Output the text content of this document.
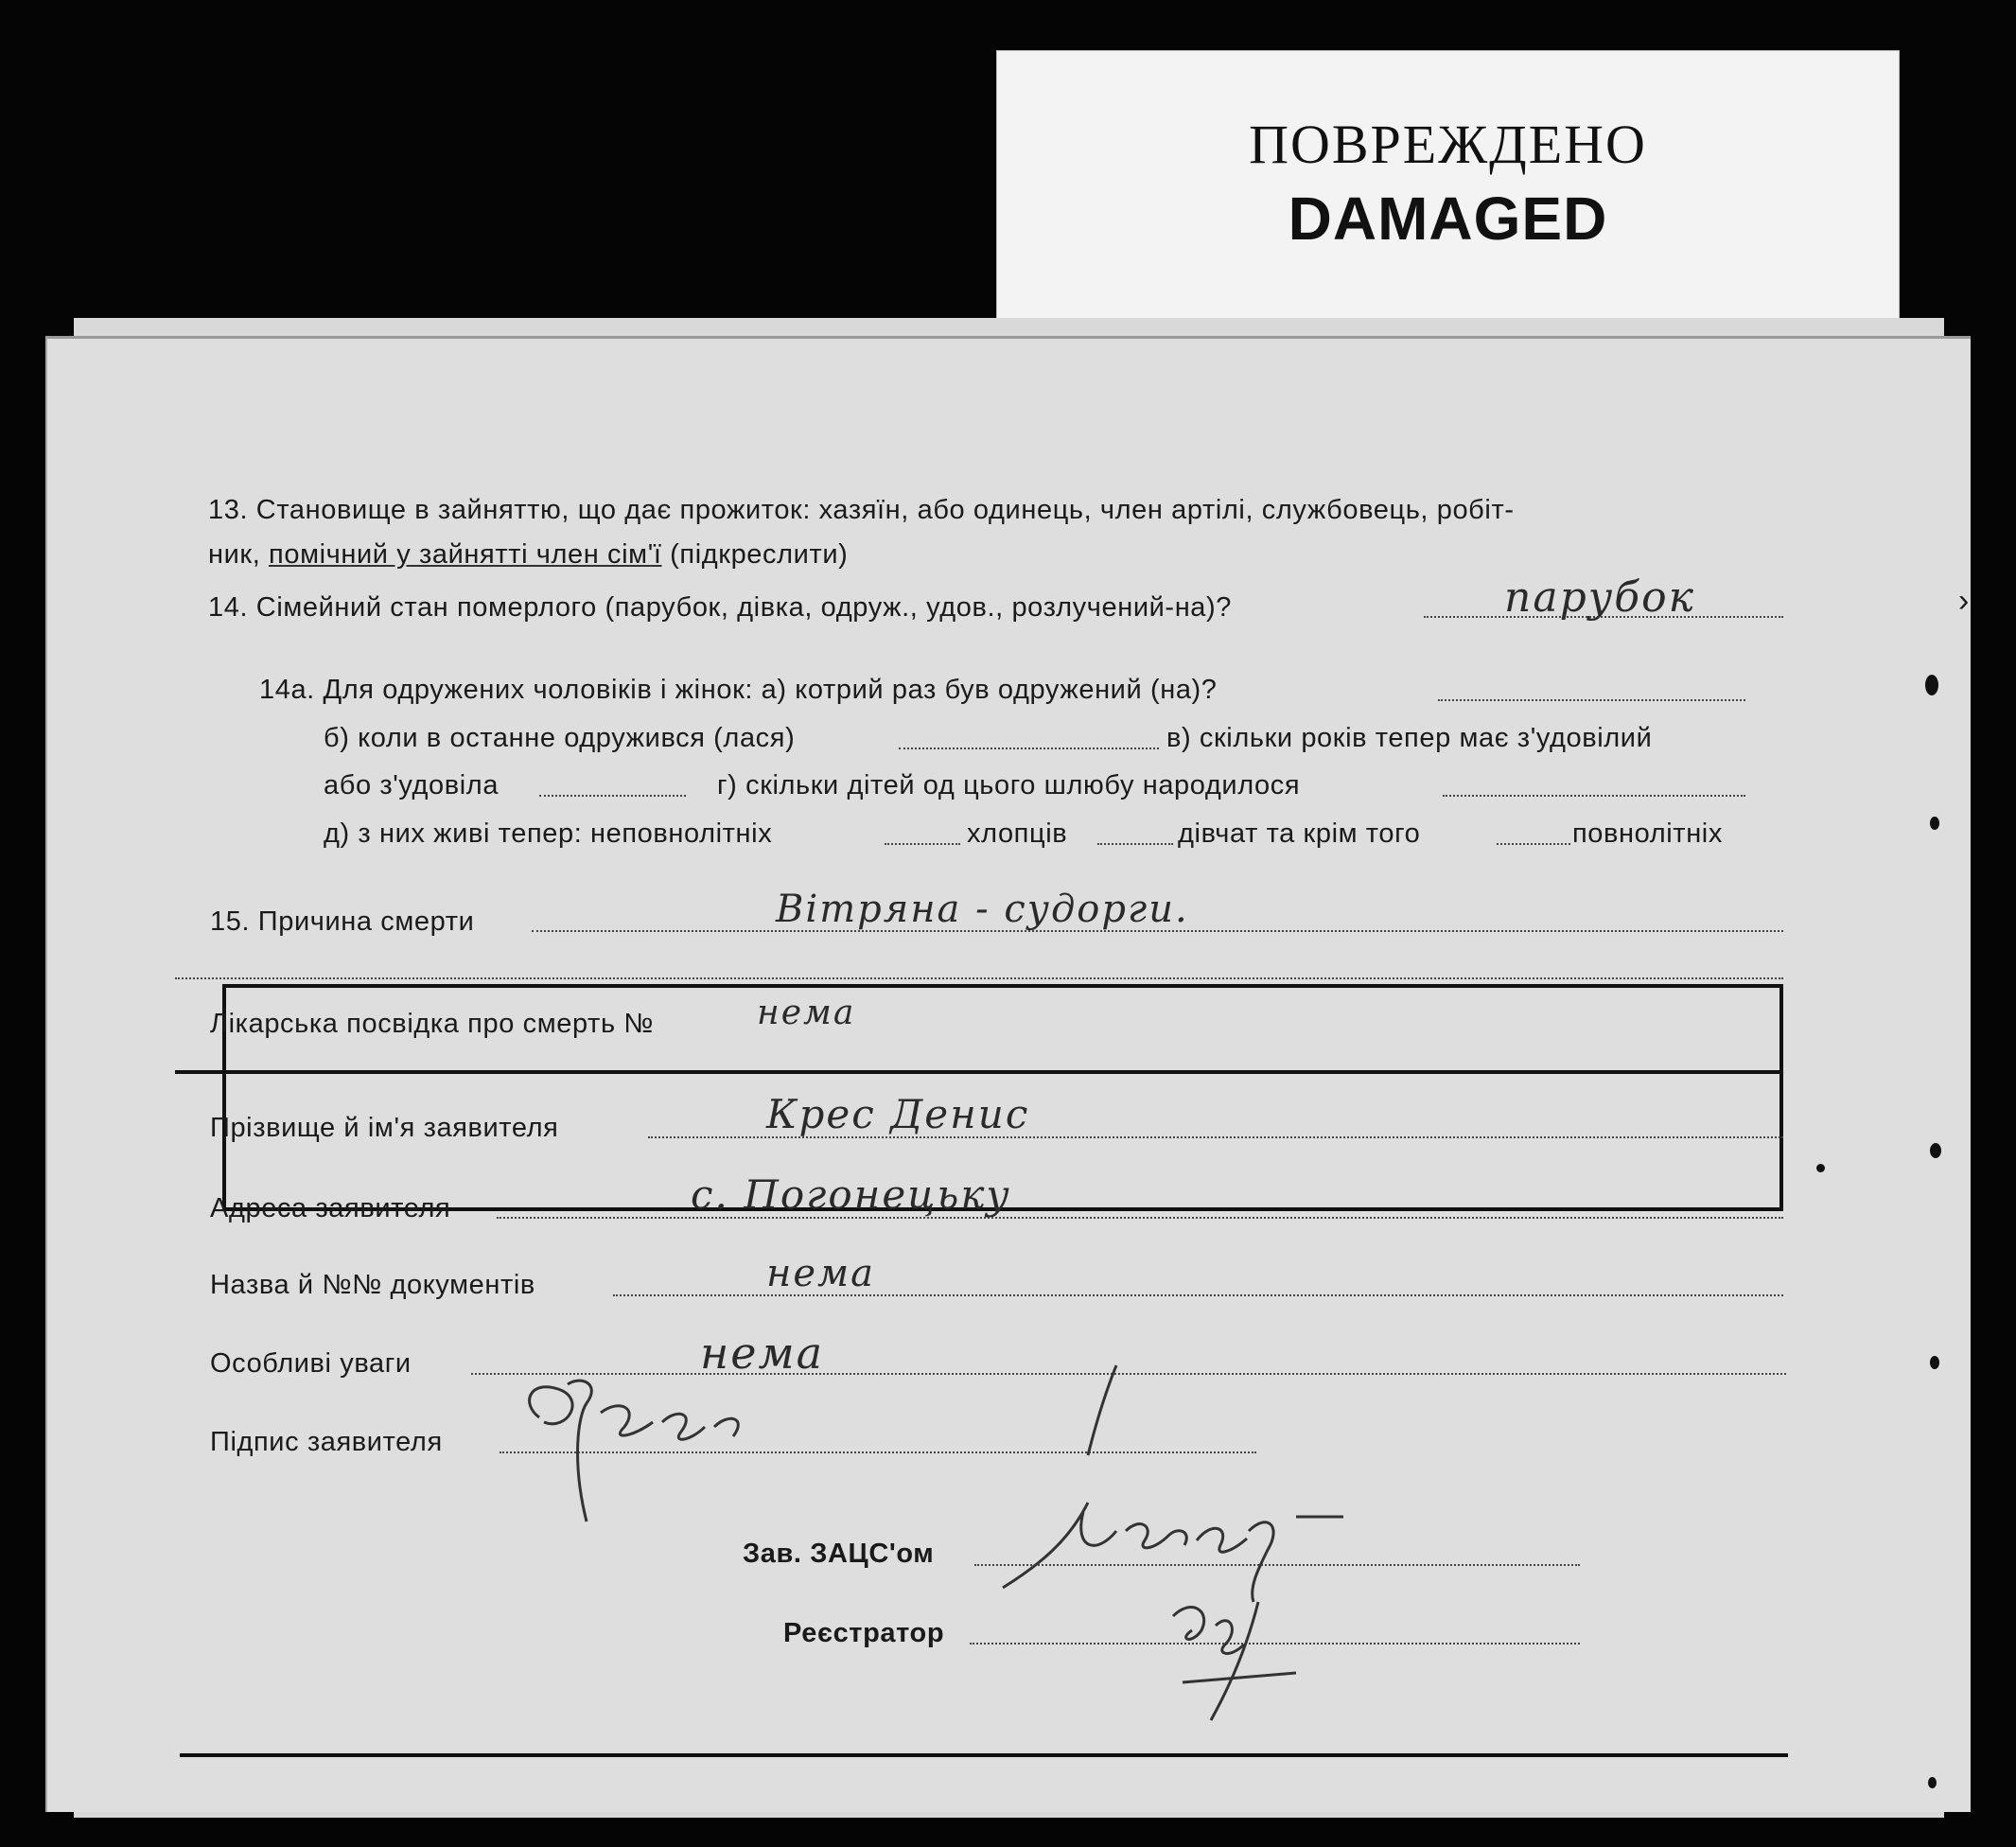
ПОВРЕЖДЕНО
DAMAGED
13. Становище в зайняттю, що дає прожиток: хазяїн, або одинець, член артілі, службовець, робіт-
ник, помічний у зайнятті член сім'ї (підкреслити)
14. Сімейний стан померлого (парубок, дівка, одруж., удов., розлучений-на)?	парубок	›
14а. Для одружених чоловіків і жінок: а) котрий раз був одружений (на)?
б) коли в останне одружився (лася)	в) скільки років тепер має з'удовілий
або з'удовіла	г) скільки дітей од цього шлюбу народилося
д) з них живі тепер: неповнолітніх	хлопців	дівчат та крім того	повнолітніх
15. Причина смерти	Вітряна - судорги.
Лікарська посвідка про смерть №	нема
Прізвище й ім'я заявителя	Крес Денис
Адреса заявителя	с. Погонецьку
Назва й №№ документів	нема
Особливі уваги	нема
Підпис заявителя
Зав. ЗАЦС'ом
Реєстратор
